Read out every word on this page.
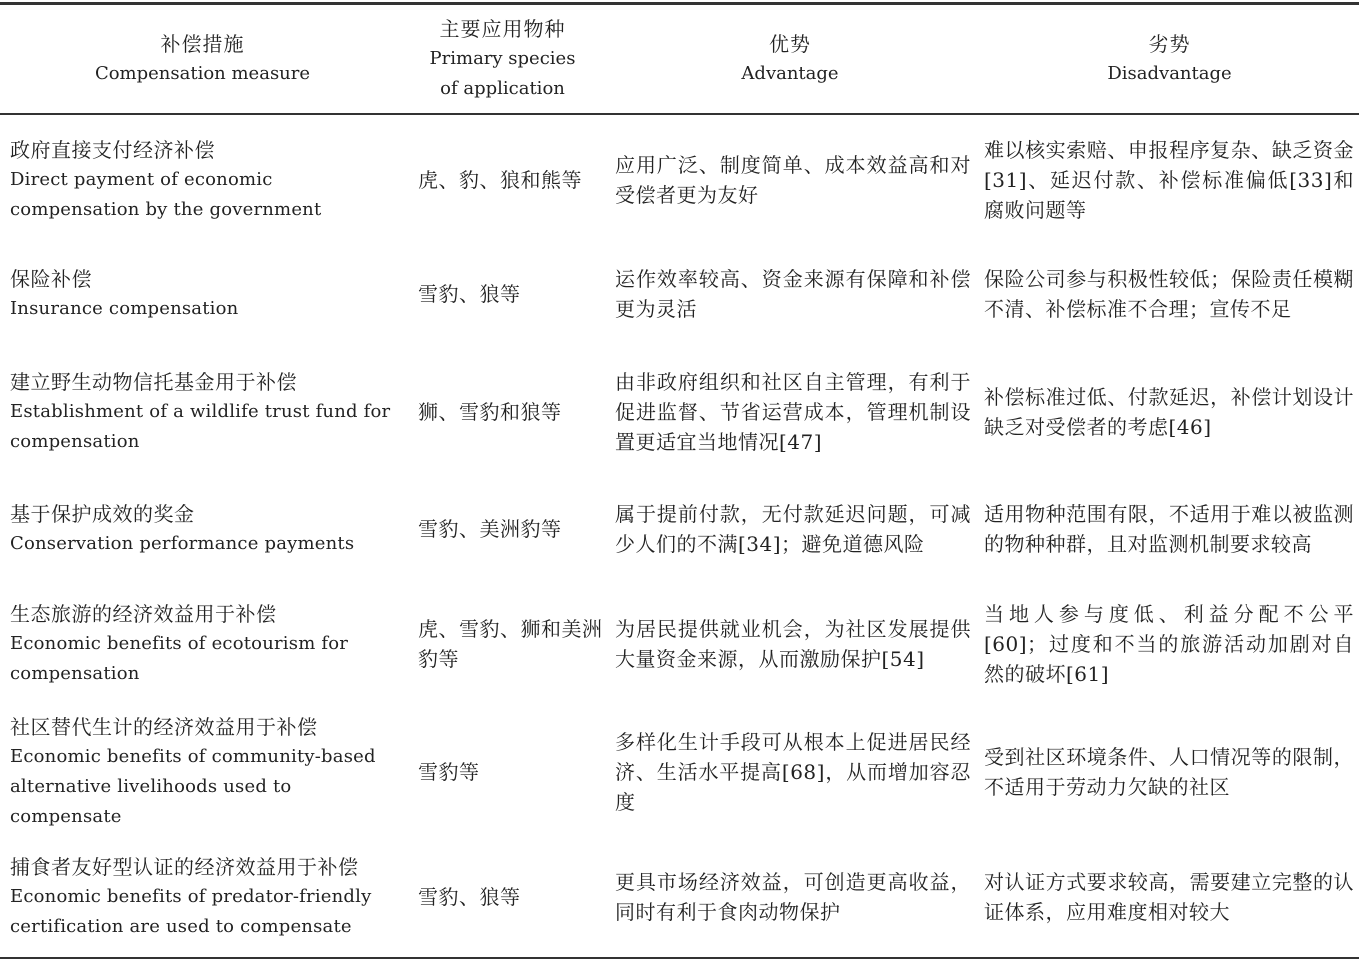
补偿措施
Compensation measure
主要应用物种
Primary species
of application
优势
Advantage
劣势
Disadvantage
政府直接支付经济补偿
Direct payment of economic compensation by the government
虎、豹、狼和熊等
应用广泛、制度简单、成本效益高和对受偿者更为友好
难以核实索赔、申报程序复杂、缺乏资金[31]、延迟付款、补偿标准偏低[33]和腐败问题等
保险补偿
Insurance compensation
雪豹、狼等
运作效率较高、资金来源有保障和补偿更为灵活
保险公司参与积极性较低；保险责任模糊不清、补偿标准不合理；宣传不足
建立野生动物信托基金用于补偿
Establishment of a wildlife trust fund for compensation
狮、雪豹和狼等
由非政府组织和社区自主管理，有利于促进监督、节省运营成本，管理机制设置更适宜当地情况[47]
补偿标准过低、付款延迟，补偿计划设计缺乏对受偿者的考虑[46]
基于保护成效的奖金
Conservation performance payments
雪豹、美洲豹等
属于提前付款，无付款延迟问题，可减少人们的不满[34]；避免道德风险
适用物种范围有限，不适用于难以被监测的物种种群，且对监测机制要求较高
生态旅游的经济效益用于补偿
Economic benefits of ecotourism for compensation
虎、雪豹、狮和美洲豹等
为居民提供就业机会，为社区发展提供大量资金来源，从而激励保护[54]
当地人参与度低、利益分配不公平[60]；过度和不当的旅游活动加剧对自然的破坏[61]
社区替代生计的经济效益用于补偿
Economic benefits of community-based alternative livelihoods used to compensate
雪豹等
多样化生计手段可从根本上促进居民经济、生活水平提高[68]，从而增加容忍度
受到社区环境条件、人口情况等的限制，不适用于劳动力欠缺的社区
捕食者友好型认证的经济效益用于补偿
Economic benefits of predator-friendly certification are used to compensate
雪豹、狼等
更具市场经济效益，可创造更高收益，同时有利于食肉动物保护
对认证方式要求较高，需要建立完整的认证体系，应用难度相对较大
